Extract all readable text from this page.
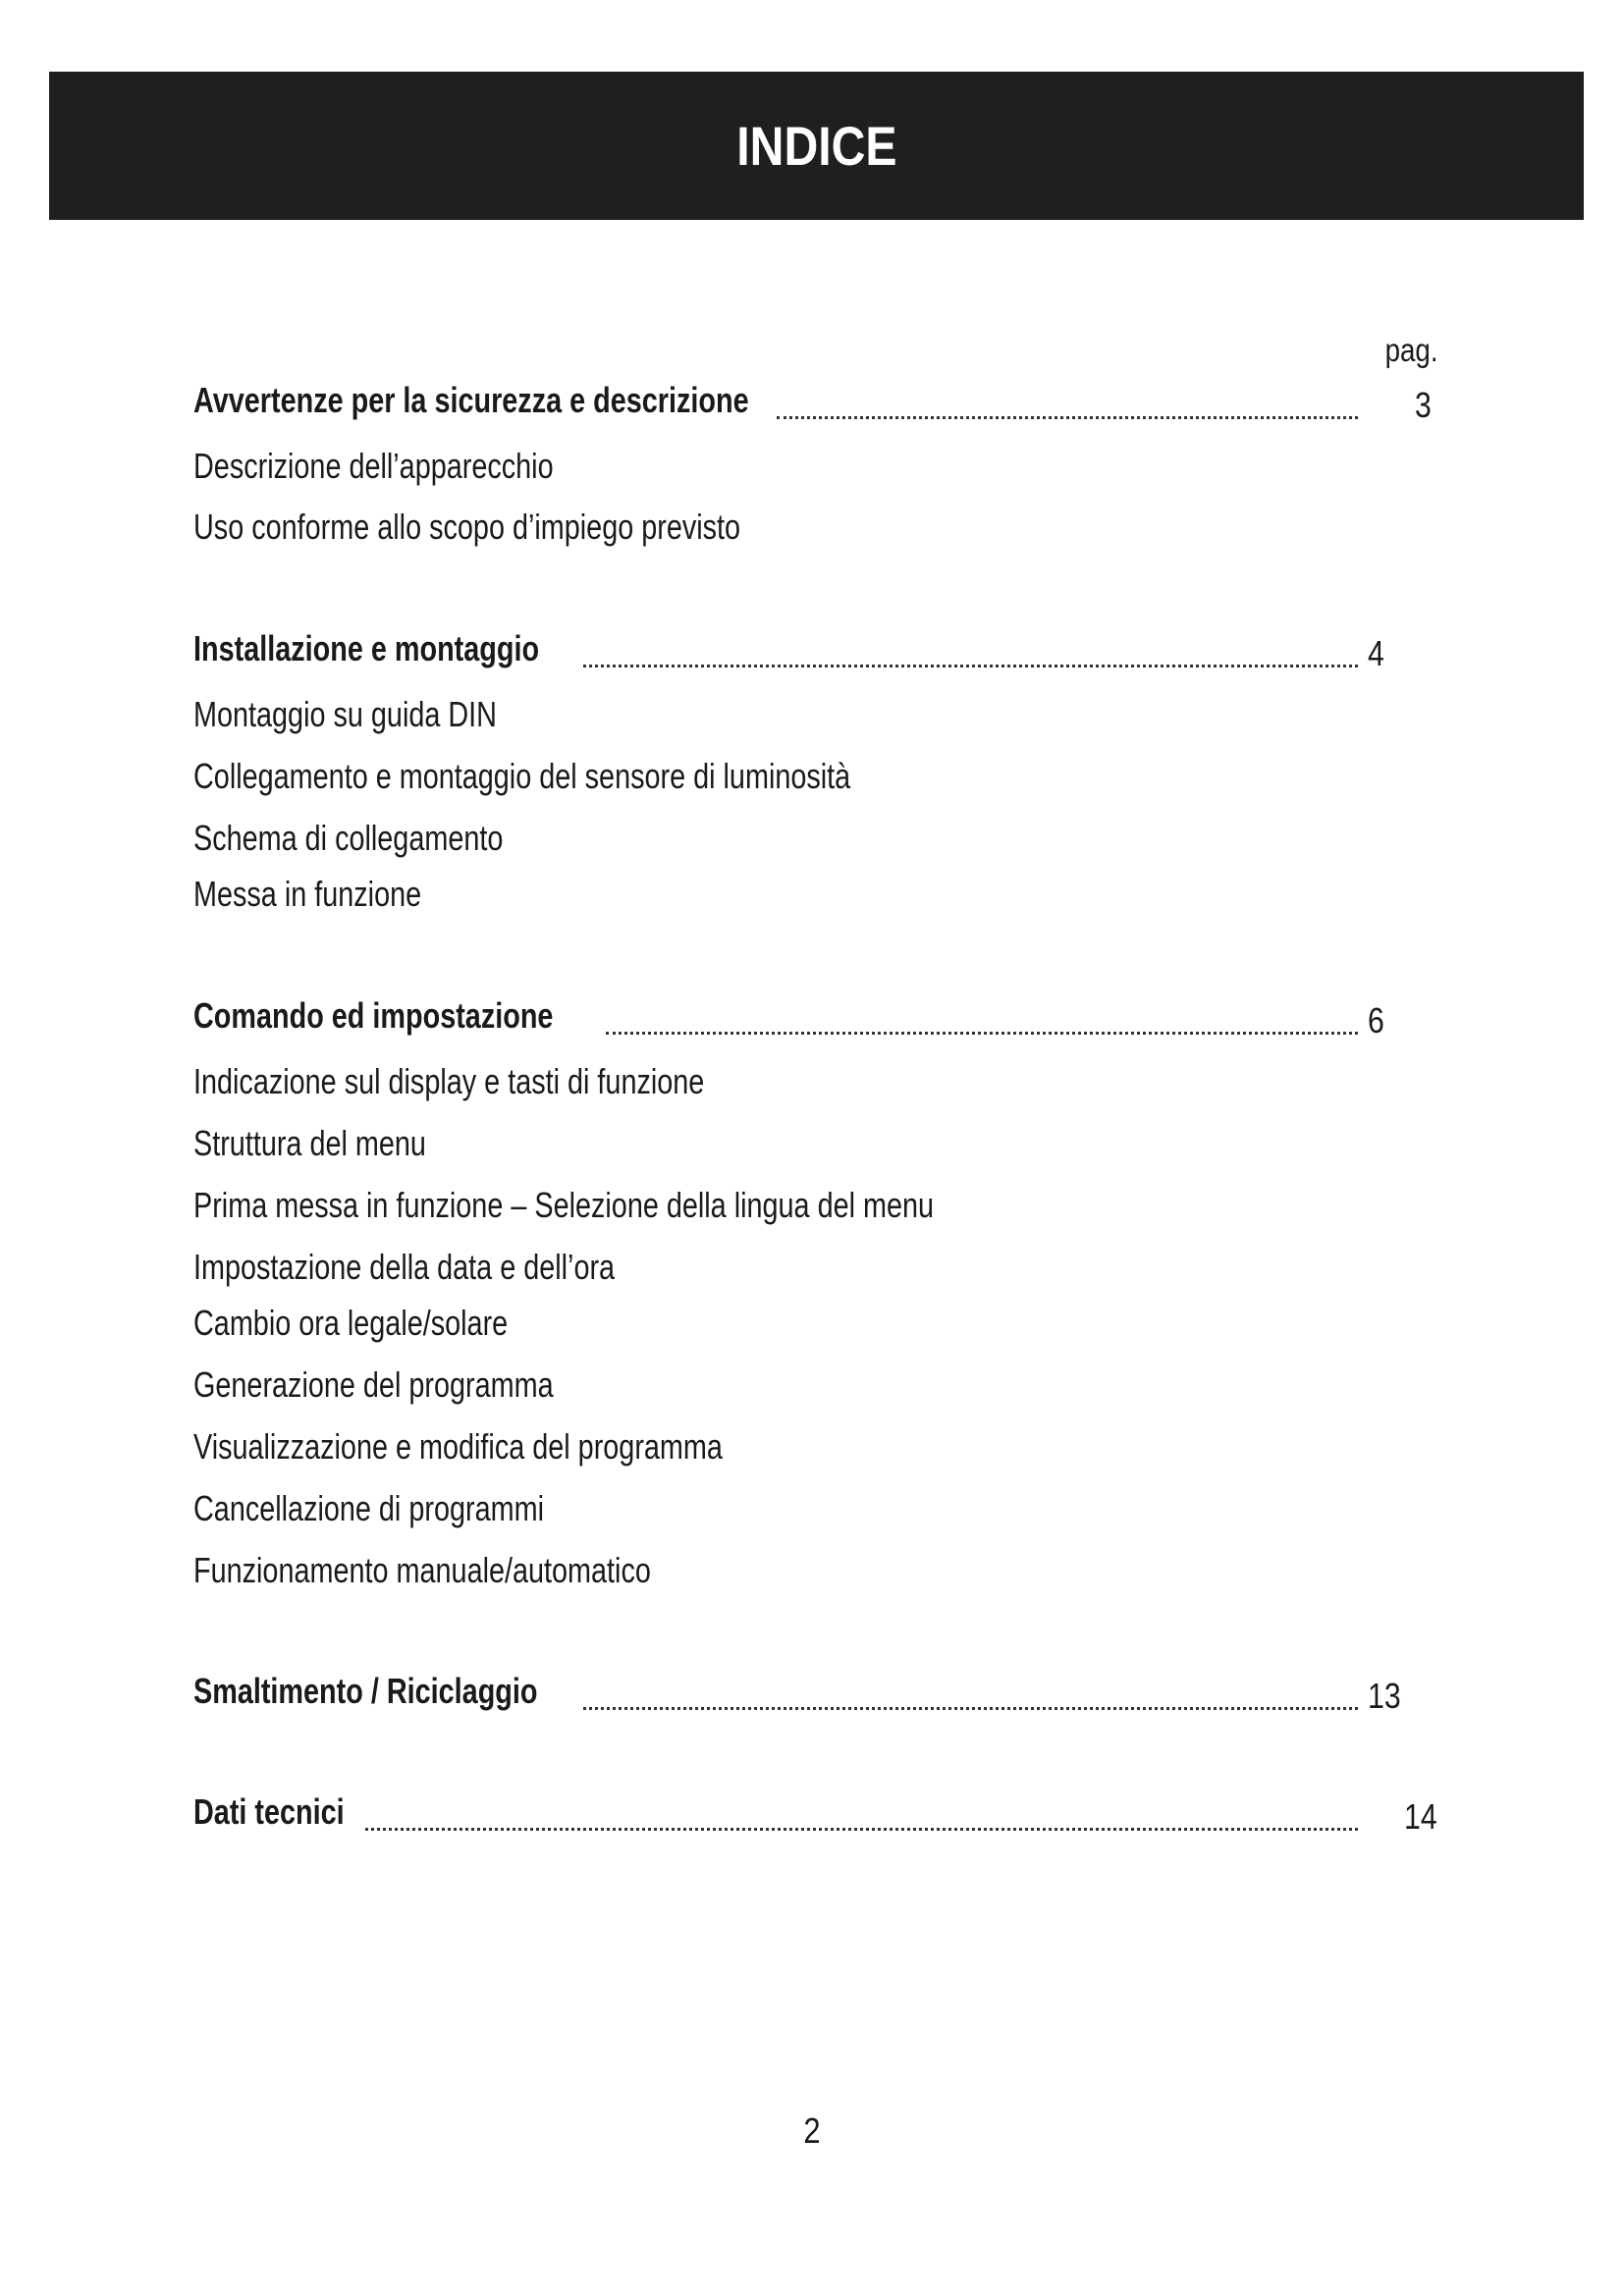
INDICE
pag.
Avvertenze per la sicurezza e descrizione	3
Descrizione dell’apparecchio
Uso conforme allo scopo d’impiego previsto
Installazione e montaggio	4
Montaggio su guida DIN
Collegamento e montaggio del sensore di luminosità
Schema di collegamento
Messa in funzione
Comando ed impostazione	6
Indicazione sul display e tasti di funzione
Struttura del menu
Prima messa in funzione – Selezione della lingua del menu
Impostazione della data e dell’ora
Cambio ora legale/solare
Generazione del programma
Visualizzazione e modifica del programma
Cancellazione di programmi
Funzionamento manuale/automatico
Smaltimento / Riciclaggio	13
Dati tecnici	14
2
